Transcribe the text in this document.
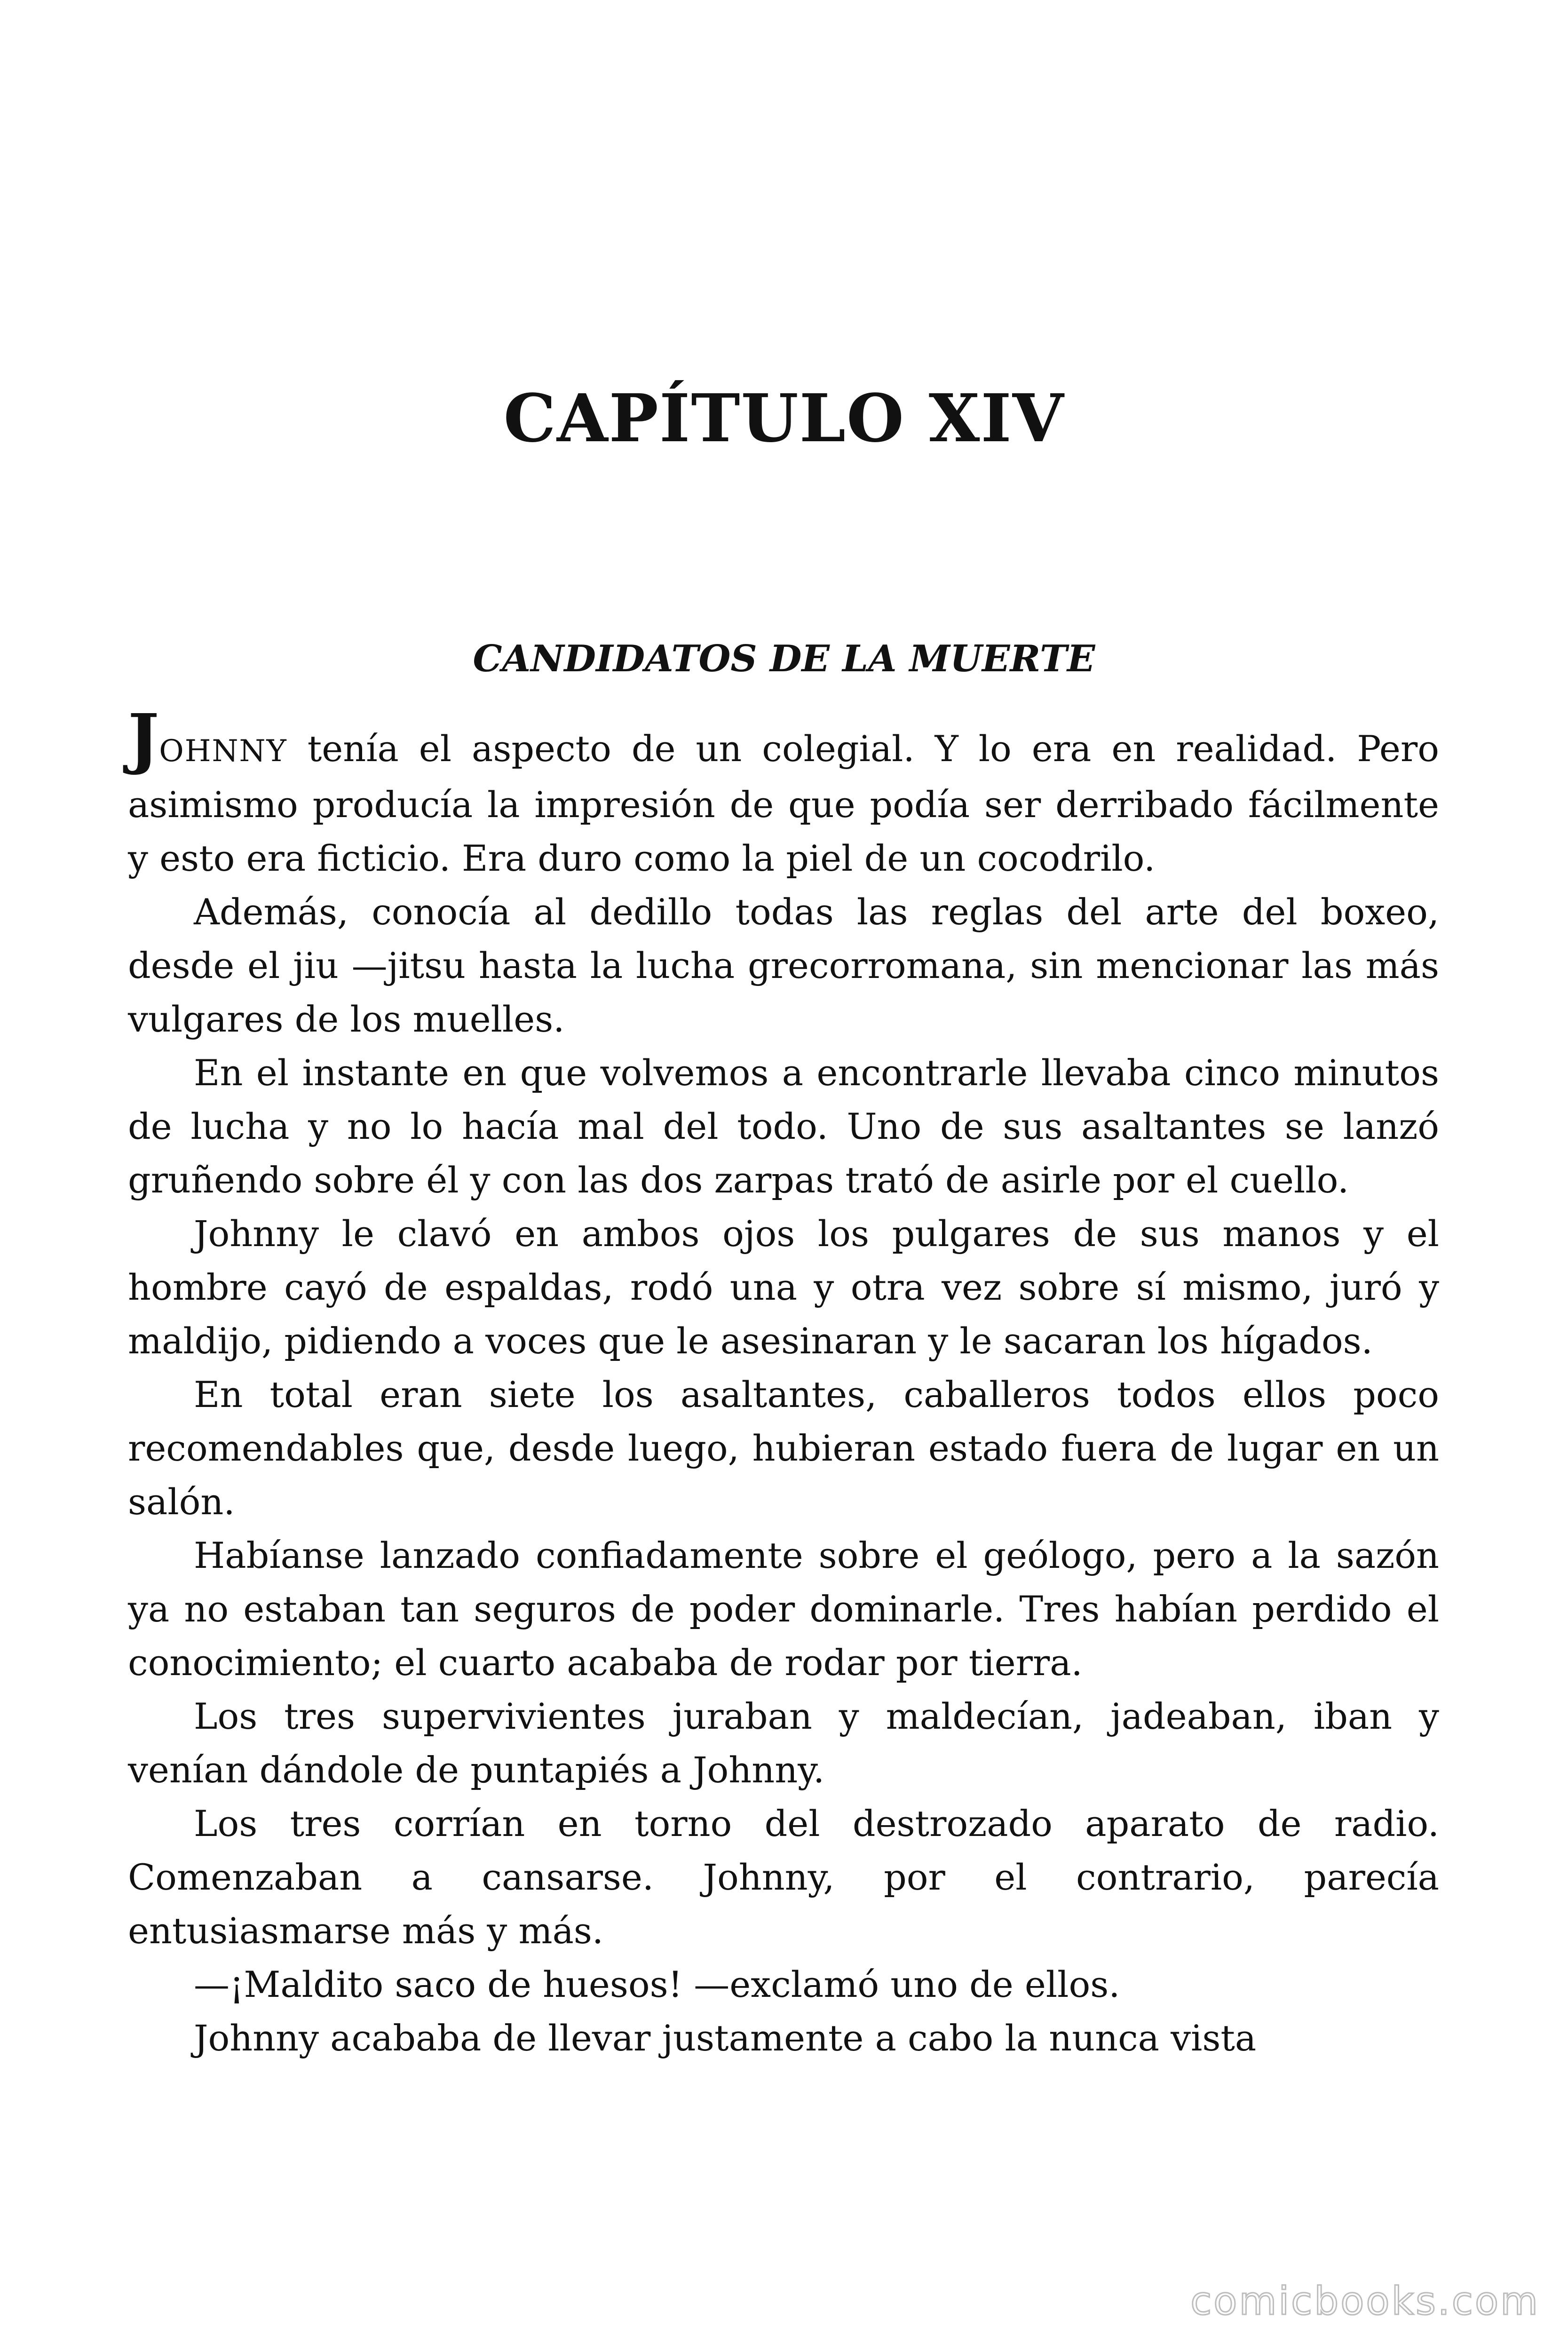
CAPÍTULO XIV
CANDIDATOS DE LA MUERTE

JOHNNY tenía el aspecto de un colegial. Y lo era en realidad. Pero asimismo producía la impresión de que podía ser derribado fácilmente y esto era ficticio. Era duro como la piel de un cocodrilo.

Además, conocía al dedillo todas las reglas del arte del boxeo, desde el jiu —jitsu hasta la lucha grecorromana, sin mencionar las más vulgares de los muelles.

En el instante en que volvemos a encontrarle llevaba cinco minutos de lucha y no lo hacía mal del todo. Uno de sus asaltantes se lanzó gruñendo sobre él y con las dos zarpas trató de asirle por el cuello.

Johnny le clavó en ambos ojos los pulgares de sus manos y el hombre cayó de espaldas, rodó una y otra vez sobre sí mismo, juró y maldijo, pidiendo a voces que le asesinaran y le sacaran los hígados.

En total eran siete los asaltantes, caballeros todos ellos poco recomendables que, desde luego, hubieran estado fuera de lugar en un salón.

Habíanse lanzado confiadamente sobre el geólogo, pero a la sazón ya no estaban tan seguros de poder dominarle. Tres habían perdido el conocimiento; el cuarto acababa de rodar por tierra.

Los tres supervivientes juraban y maldecían, jadeaban, iban y venían dándole de puntapiés a Johnny.

Los tres corrían en torno del destrozado aparato de radio. Comenzaban a cansarse. Johnny, por el contrario, parecía entusiasmarse más y más.

—¡Maldito saco de huesos! —exclamó uno de ellos.

Johnny acababa de llevar justamente a cabo la nunca vista

comicbooks.com
